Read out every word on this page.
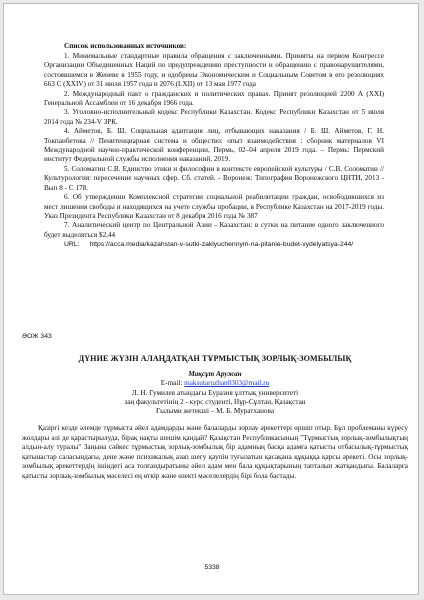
Список использованных источников:

1. Минимальные стандартные правила обращения с заключенными. Приняты на первом Конгрессе Организации Объединенных Наций по предупреждению преступности и обращению с правонарушителями, состоявшемся в Женеве в 1955 году, и одобрены Экономическим и Социальным Советом в его резолюциях 663 С (XXIV) от 31 июля 1957 года и 2076 (LXII) от 13 мая 1977 года

2. Международный пакт о гражданских и политических правах. Принят резолюцией 2200 А (XXI) Генеральной Ассамблеи от 16 декабря 1966 года.

3. Уголовно-исполнительный кодекс Республики Казахстан. Кодекс Республики Казахстан от 5 июля 2014 года № 234-V ЗРК.

4. Айметов, Б. Ш. Социальная адаптация лиц, отбывающих наказания / Б. Ш. Айметов, Г. Н. Токпанбетова // Пенитенциарная система и общество: опыт взаимодействия : сборник материалов VI Международной научно-практической конференции, Пермь, 02–04 апреля 2019 года. – Пермь: Пермский институт Федеральной службы исполнения наказаний, 2019.

5. Соломатин С.В. Единство этики и философии в контексте европейской культуры / С.В. Соломатин // Культурология: пересечение научных сфер. Сб. статей. - Воронеж: Типография Воронежского ЦНТИ, 2013 - Вып 8 - С 178.

6. Об утверждении Комплексной стратегии социальной реабилитации граждан, освободившихся из мест лишения свободы и находящихся на учете службы пробации, в Республике Казахстан на 2017-2019 годы. Указ Президента Республики Казахстан от 8 декабря 2016 года № 387

7. Аналитический центр по Центральной Азии - Казахстан: в сутки на питание одного заключенного будет выделяться $2,44

URL: https://acca.media/kazahstan-v-sutki-zaklyuchennym-na-pitanie-budet-vydelyatsya-244/

ӘОЖ 343
ДҮНИЕ ЖҮЗІН АЛАҢДАТҚАН ТҰРМЫСТЫҚ ЗОРЛЫҚ-ЗОМБЫЛЫҚ
Мақсұт Аружан
E-mail: maksutaruzhan0303@mail.ru
Л. Н. Гумилев атындағы Еуразия ұлттық университеті
заң факультетінің 2 - курс студенті, Нұр-Сұлтан, Қазақстан
Ғылыми жетекші – М. Б. Муратханова

Қазіргі кезде әлемде тұрмыста әйел адамдарды және балаларды зорлау әрекеттері өршіп отыр. Бұл проблеманы күресу жолдары әлі де қарастырылуда, бірақ нақты шешім қандай? Қазақстан Республикасының "Тұрмыстық зорлық-зомбылықтың алдын-алу туралы" Заңына сәйкес тұрмыстық зорлық-зомбылық бір адамның басқа адамға қатысты отбасылық-тұрмыстық қатынастар саласындағы, дене және психикалық азап шегу қаупін туғызатын қасақана құқыққа қарсы әрекеті. Осы зорлық-зомбылық әрекеттердің ішіндегі аса толғандыратыны әйел адам мен бала құқықтарының тапталып жатқандығы. Балаларға қатысты зорлық-зомбылық мәселесі ең өткір және өзекті мәселелердің бірі бола бастады.

5338
